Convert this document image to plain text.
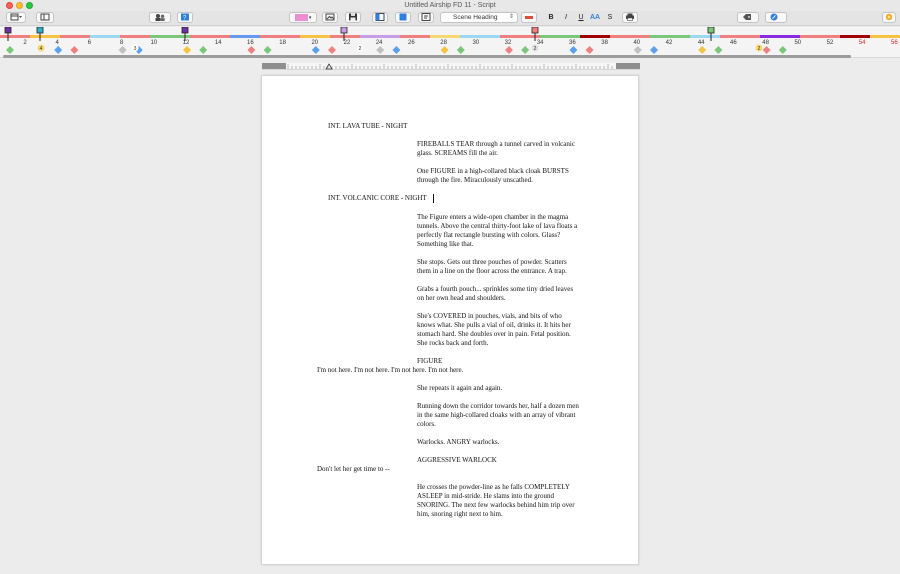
Untitled Airship FD 11 - Script
?	▾	Scene Heading ⇕	B	I	U AA	S
2	4	6	8	10	12	14	16	18	20	22	24	26	28	30	32	34	36	38	40	42	44	46	48	50	52	54	56
4	3	2	2	2
INT. LAVA TUBE - NIGHT
FIREBALLS TEAR through a tunnel carved in volcanic
glass. SCREAMS fill the air.
One FIGURE in a high-collared black cloak BURSTS
through the fire. Miraculously unscathed.
INT. VOLCANIC CORE - NIGHT
The Figure enters a wide-open chamber in the magma
tunnels. Above the central thirty-foot lake of lava floats a
perfectly flat rectangle bursting with colors. Glass?
Something like that.
She stops. Gets out three pouches of powder. Scatters
them in a line on the floor across the entrance. A trap.
Grabs a fourth pouch... sprinkles some tiny dried leaves
on her own head and shoulders.
She's COVERED in pouches, vials, and bits of who
knows what. She pulls a vial of oil, drinks it. It hits her
stomach hard. She doubles over in pain. Fetal position.
She rocks back and forth.
FIGURE
I'm not here. I'm not here. I'm not here. I'm not here.
She repeats it again and again.
Running down the corridor towards her, half a dozen men
in the same high-collared cloaks with an array of vibrant
colors.
Warlocks. ANGRY warlocks.
AGGRESSIVE WARLOCK
Don't let her get time to --
He crosses the powder-line as he falls COMPLETELY
ASLEEP in mid-stride. He slams into the ground
SNORING. The next few warlocks behind him trip over
him, snoring right next to him.
